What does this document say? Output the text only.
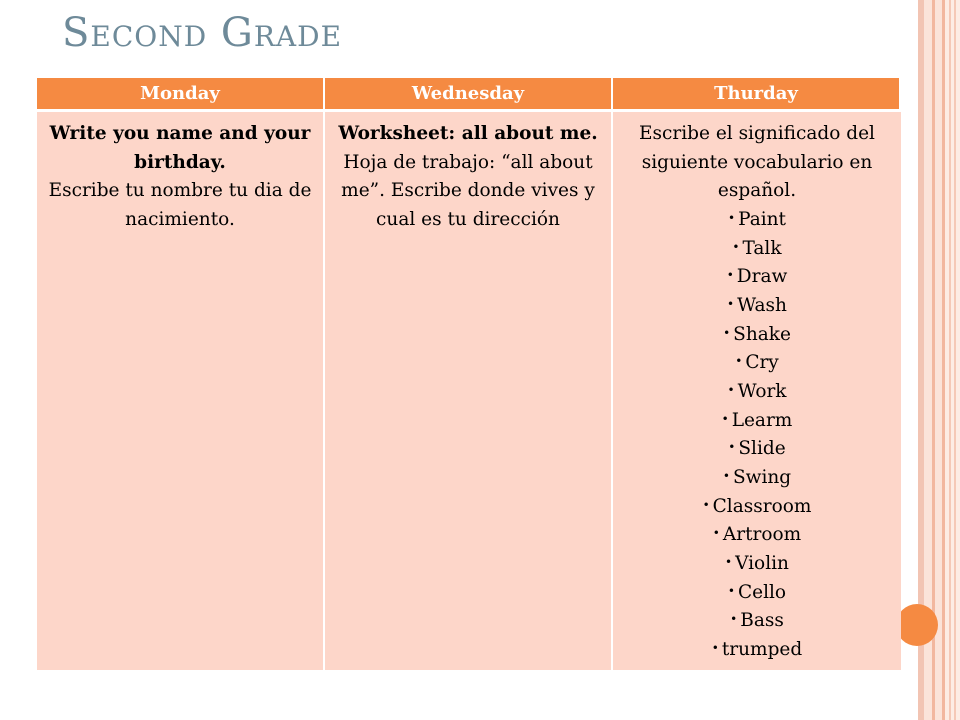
Second Grade
Monday	Wednesday	Thurday
Write you name and your birthday.
Escribe tu nombre tu dia de nacimiento.
Worksheet: all about me.
Hoja de trabajo: “all about me”. Escribe donde vives y cual es tu dirección
Escribe el significado del siguiente vocabulario en español.
• Paint
• Talk
• Draw
• Wash
• Shake
• Cry
• Work
• Learm
• Slide
• Swing
• Classroom
• Artroom
• Violin
• Cello
• Bass
• trumped
